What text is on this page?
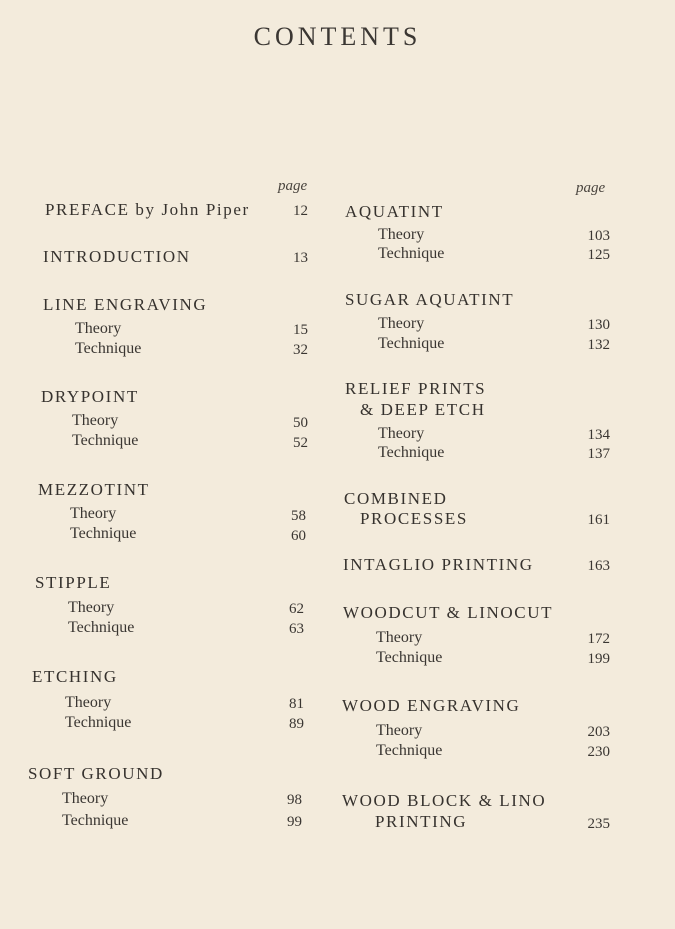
CONTENTS
page
PREFACE by John Piper	12
INTRODUCTION	13
LINE ENGRAVING
Theory	15
Technique	32
DRYPOINT
Theory	50
Technique	52
MEZZOTINT
Theory	58
Technique	60
STIPPLE
Theory	62
Technique	63
ETCHING
Theory	81
Technique	89
SOFT GROUND
Theory	98
Technique	99
page
AQUATINT
Theory	103
Technique	125
SUGAR AQUATINT
Theory	130
Technique	132
RELIEF PRINTS
& DEEP ETCH
Theory	134
Technique	137
COMBINED
PROCESSES	161
INTAGLIO PRINTING	163
WOODCUT & LINOCUT
Theory	172
Technique	199
WOOD ENGRAVING
Theory	203
Technique	230
WOOD BLOCK & LINO
PRINTING	235
